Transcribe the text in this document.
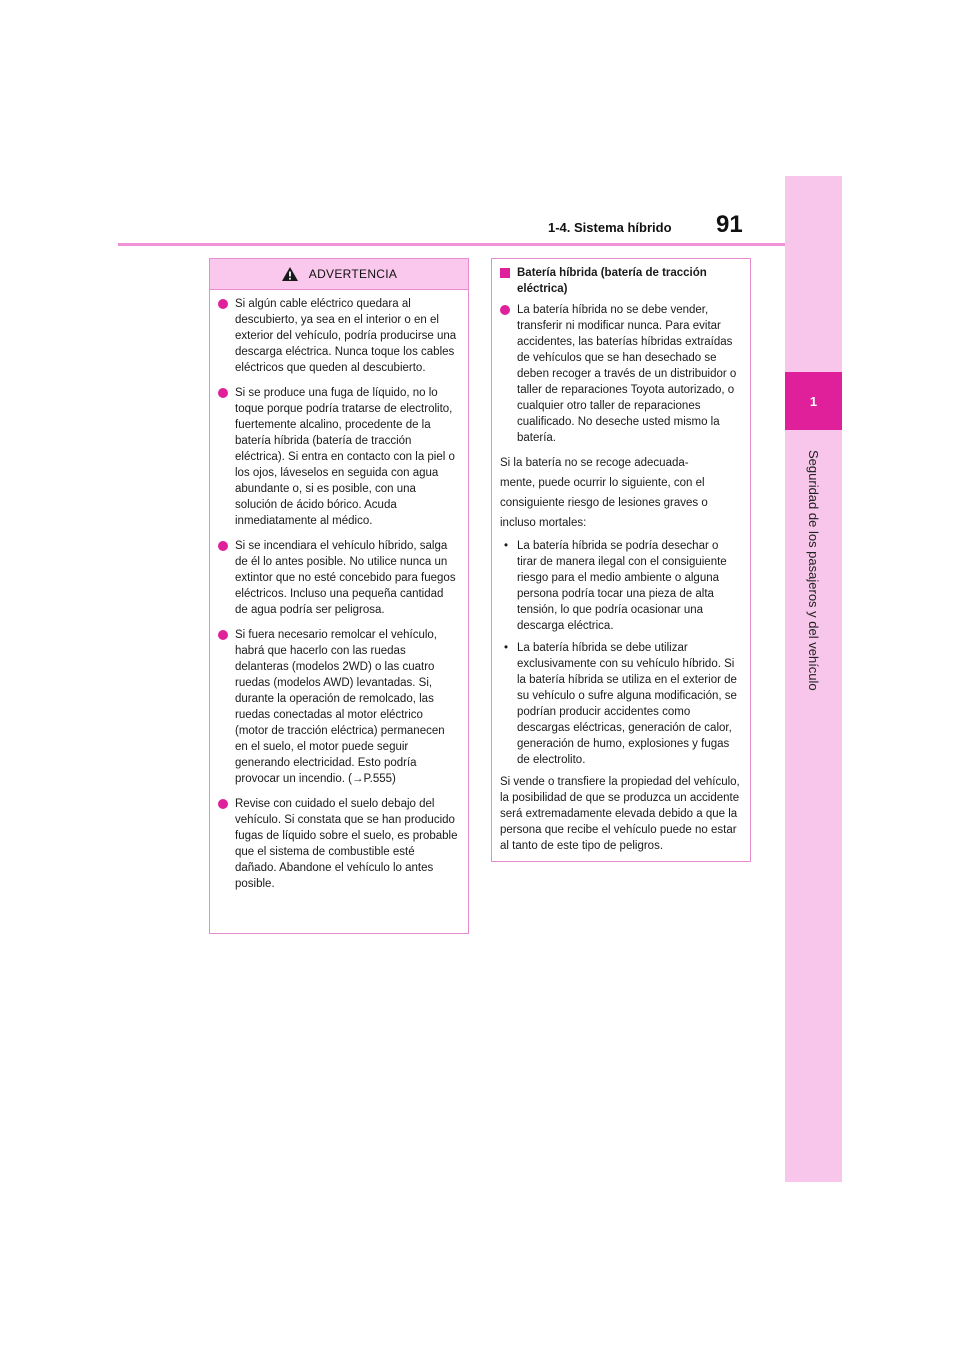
1
Seguridad de los pasajeros y del vehículo
1-4. Sistema híbrido 91
ADVERTENCIA
Si algún cable eléctrico quedara al descubierto, ya sea en el interior o en el exterior del vehículo, podría producirse una descarga eléctrica. Nunca toque los cables eléctricos que queden al descubierto.
Si se produce una fuga de líquido, no lo toque porque podría tratarse de electrolito, fuertemente alcalino, procedente de la batería híbrida (batería de tracción eléctrica). Si entra en contacto con la piel o los ojos, láveselos en seguida con agua abundante o, si es posible, con una solución de ácido bórico. Acuda inmediatamente al médico.
Si se incendiara el vehículo híbrido, salga de él lo antes posible. No utilice nunca un extintor que no esté concebido para fuegos eléctricos. Incluso una pequeña cantidad de agua podría ser peligrosa.
Si fuera necesario remolcar el vehículo, habrá que hacerlo con las ruedas delanteras (modelos 2WD) o las cuatro ruedas (modelos AWD) levantadas. Si, durante la operación de remolcado, las ruedas conectadas al motor eléctrico (motor de tracción eléctrica) permanecen en el suelo, el motor puede seguir generando electricidad. Esto podría provocar un incendio. (→P.555)
Revise con cuidado el suelo debajo del vehículo. Si constata que se han producido fugas de líquido sobre el suelo, es probable que el sistema de combustible esté dañado. Abandone el vehículo lo antes posible.
Batería híbrida (batería de tracción eléctrica)
La batería híbrida no se debe vender, transferir ni modificar nunca. Para evitar accidentes, las baterías híbridas extraídas de vehículos que se han desechado se deben recoger a través de un distribuidor o taller de reparaciones Toyota autorizado, o cualquier otro taller de reparaciones cualificado. No deseche usted mismo la batería.
Si la batería no se recoge adecuada-
mente, puede ocurrir lo siguiente, con el
consiguiente riesgo de lesiones graves o
incluso mortales:
• La batería híbrida se podría desechar o tirar de manera ilegal con el consiguiente riesgo para el medio ambiente o alguna persona podría tocar una pieza de alta tensión, lo que podría ocasionar una descarga eléctrica.
• La batería híbrida se debe utilizar exclusivamente con su vehículo híbrido. Si la batería híbrida se utiliza en el exterior de su vehículo o sufre alguna modificación, se podrían producir accidentes como descargas eléctricas, generación de calor, generación de humo, explosiones y fugas de electrolito.
Si vende o transfiere la propiedad del vehículo, la posibilidad de que se produzca un accidente será extremadamente elevada debido a que la persona que recibe el vehículo puede no estar al tanto de este tipo de peligros.
